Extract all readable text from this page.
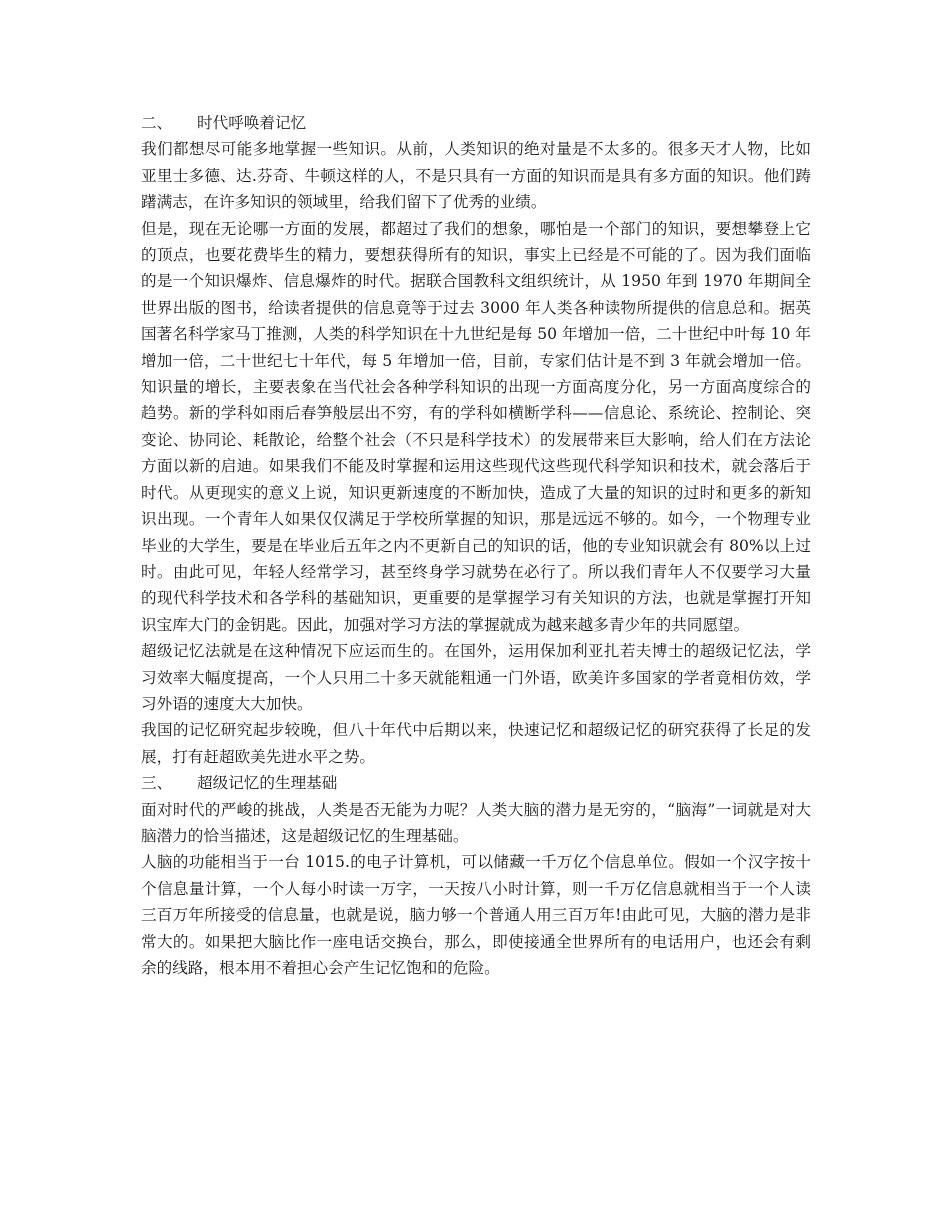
二、 时代呼唤着记忆

我们都想尽可能多地掌握一些知识。从前，人类知识的绝对量是不太多的。很多天才人物，比如亚里士多德、达.芬奇、牛顿这样的人，不是只具有一方面的知识而是具有多方面的知识。他们踌躇满志，在许多知识的领域里，给我们留下了优秀的业绩。

但是，现在无论哪一方面的发展，都超过了我们的想象，哪怕是一个部门的知识，要想攀登上它的顶点，也要花费毕生的精力，要想获得所有的知识，事实上已经是不可能的了。因为我们面临的是一个知识爆炸、信息爆炸的时代。据联合国教科文组织统计，从 1950 年到 1970 年期间全世界出版的图书，给读者提供的信息竟等于过去 3000 年人类各种读物所提供的信息总和。据英国著名科学家马丁推测，人类的科学知识在十九世纪是每 50 年增加一倍，二十世纪中叶每 10 年增加一倍，二十世纪七十年代，每 5 年增加一倍，目前，专家们估计是不到 3 年就会增加一倍。知识量的增长，主要表象在当代社会各种学科知识的出现一方面高度分化，另一方面高度综合的趋势。新的学科如雨后春笋般层出不穷，有的学科如横断学科——信息论、系统论、控制论、突变论、协同论、耗散论，给整个社会（不只是科学技术）的发展带来巨大影响，给人们在方法论方面以新的启迪。如果我们不能及时掌握和运用这些现代这些现代科学知识和技术，就会落后于时代。从更现实的意义上说，知识更新速度的不断加快，造成了大量的知识的过时和更多的新知识出现。一个青年人如果仅仅满足于学校所掌握的知识，那是远远不够的。如今，一个物理专业毕业的大学生，要是在毕业后五年之内不更新自己的知识的话，他的专业知识就会有 80%以上过时。由此可见，年轻人经常学习，甚至终身学习就势在必行了。所以我们青年人不仅要学习大量的现代科学技术和各学科的基础知识，更重要的是掌握学习有关知识的方法，也就是掌握打开知识宝库大门的金钥匙。因此，加强对学习方法的掌握就成为越来越多青少年的共同愿望。

超级记忆法就是在这种情况下应运而生的。在国外，运用保加利亚扎若夫博士的超级记忆法，学习效率大幅度提高，一个人只用二十多天就能粗通一门外语，欧美许多国家的学者竟相仿效，学习外语的速度大大加快。

我国的记忆研究起步较晚，但八十年代中后期以来，快速记忆和超级记忆的研究获得了长足的发展，打有赶超欧美先进水平之势。

三、 超级记忆的生理基础

面对时代的严峻的挑战，人类是否无能为力呢？人类大脑的潜力是无穷的，“脑海”一词就是对大脑潜力的恰当描述，这是超级记忆的生理基础。

人脑的功能相当于一台 1015.的电子计算机，可以储藏一千万亿个信息单位。假如一个汉字按十个信息量计算，一个人每小时读一万字，一天按八小时计算，则一千万亿信息就相当于一个人读三百万年所接受的信息量，也就是说，脑力够一个普通人用三百万年!由此可见，大脑的潜力是非常大的。如果把大脑比作一座电话交换台，那么，即使接通全世界所有的电话用户，也还会有剩余的线路，根本用不着担心会产生记忆饱和的危险。
